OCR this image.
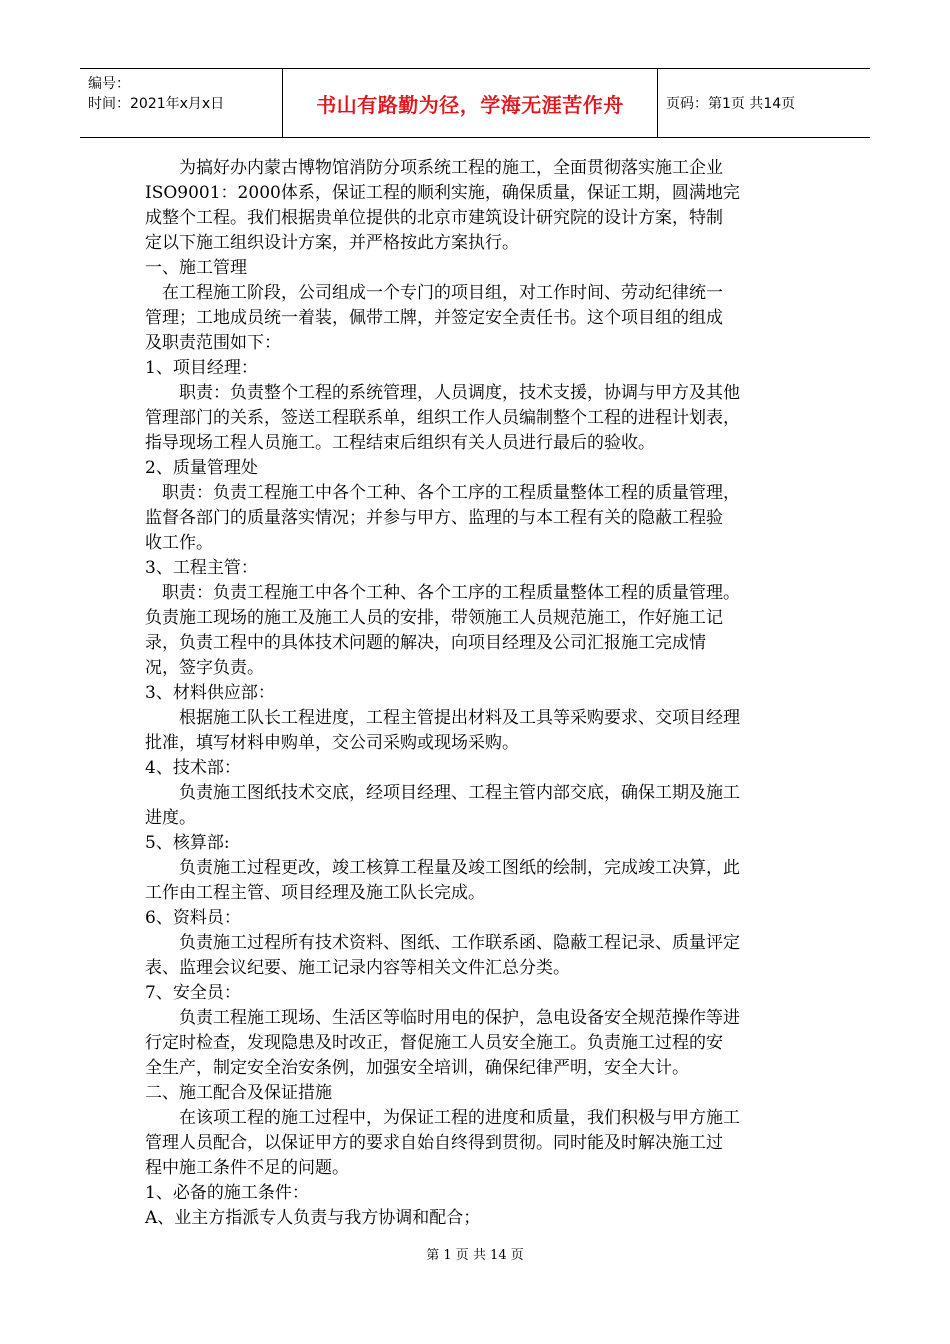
编号：
时间：2021年x月x日	书山有路勤为径，学海无涯苦作舟	页码：第1页 共14页
　　为搞好办内蒙古博物馆消防分项系统工程的施工，全面贯彻落实施工企业
ISO9001：2000体系，保证工程的顺利实施，确保质量，保证工期，圆满地完
成整个工程。我们根据贵单位提供的北京市建筑设计研究院的设计方案，特制
定以下施工组织设计方案，并严格按此方案执行。
一、施工管理
　在工程施工阶段，公司组成一个专门的项目组，对工作时间、劳动纪律统一
管理；工地成员统一着装，佩带工牌，并签定安全责任书。这个项目组的组成
及职责范围如下：
1、项目经理：
　　职责：负责整个工程的系统管理，人员调度，技术支援，协调与甲方及其他
管理部门的关系，签送工程联系单，组织工作人员编制整个工程的进程计划表，
指导现场工程人员施工。工程结束后组织有关人员进行最后的验收。
2、质量管理处
　职责：负责工程施工中各个工种、各个工序的工程质量整体工程的质量管理，
监督各部门的质量落实情况；并参与甲方、监理的与本工程有关的隐蔽工程验
收工作。
3、工程主管：
　职责：负责工程施工中各个工种、各个工序的工程质量整体工程的质量管理。
负责施工现场的施工及施工人员的安排，带领施工人员规范施工，作好施工记
录，负责工程中的具体技术问题的解决，向项目经理及公司汇报施工完成情
况，签字负责。
3、材料供应部：
　　根据施工队长工程进度，工程主管提出材料及工具等采购要求、交项目经理
批准，填写材料申购单，交公司采购或现场采购。
4、技术部：
　　负责施工图纸技术交底，经项目经理、工程主管内部交底，确保工期及施工
进度。
5、核算部:
　　负责施工过程更改，竣工核算工程量及竣工图纸的绘制，完成竣工决算，此
工作由工程主管、项目经理及施工队长完成。
6、资料员：
　　负责施工过程所有技术资料、图纸、工作联系函、隐蔽工程记录、质量评定
表、监理会议纪要、施工记录内容等相关文件汇总分类。
7、安全员：
　　负责工程施工现场、生活区等临时用电的保护，急电设备安全规范操作等进
行定时检查，发现隐患及时改正，督促施工人员安全施工。负责施工过程的安
全生产，制定安全治安条例，加强安全培训，确保纪律严明，安全大计。
二、施工配合及保证措施
　　在该项工程的施工过程中，为保证工程的进度和质量，我们积极与甲方施工
管理人员配合，以保证甲方的要求自始自终得到贯彻。同时能及时解决施工过
程中施工条件不足的问题。
1、必备的施工条件：
A、业主方指派专人负责与我方协调和配合；
第 1 页 共 14 页
